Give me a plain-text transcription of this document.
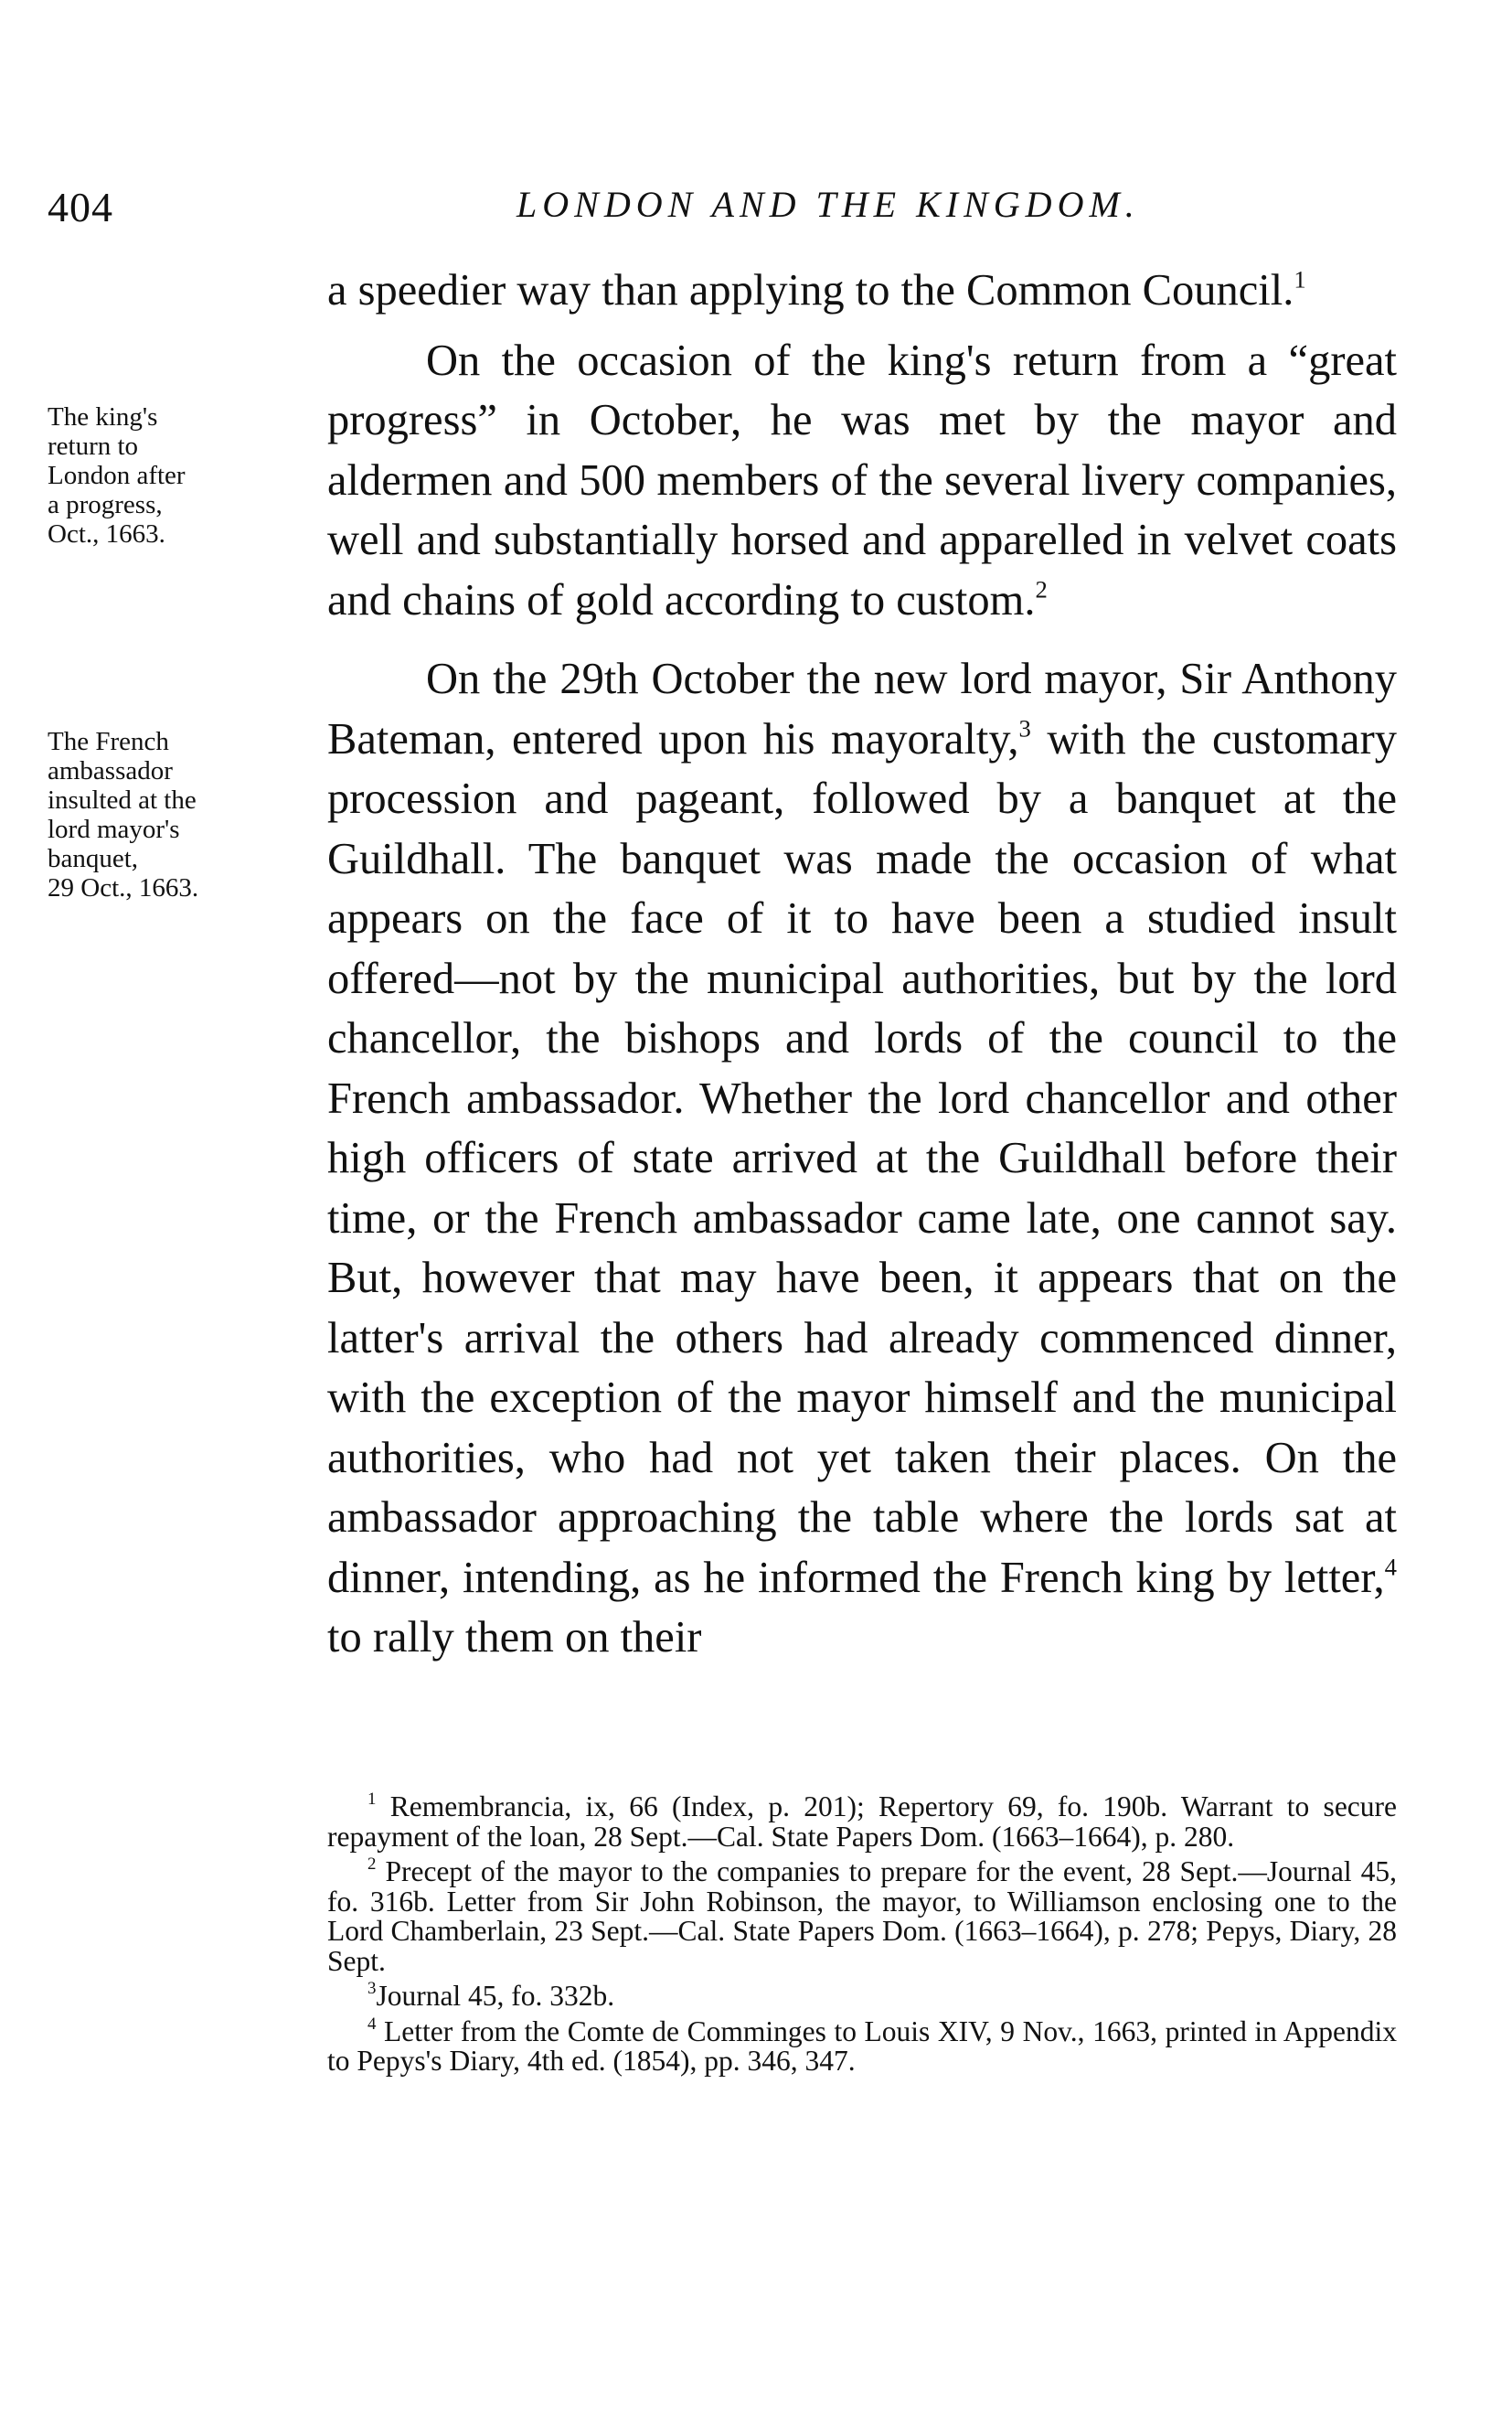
404	LONDON AND THE KINGDOM.
The king's
return to
London after
a progress,
Oct., 1663.
The French
ambassador
insulted at the
lord mayor's
banquet,
29 Oct., 1663.

a speedier way than applying to the Common Council.$^1$

On the occasion of the king's return from a “great progress” in October, he was met by the mayor and aldermen and 500 members of the several livery companies, well and substantially horsed and apparelled in velvet coats and chains of gold according to custom.$^2$

On the 29th October the new lord mayor, Sir Anthony Bateman, entered upon his mayoralty,$^3$ with the customary procession and pageant, followed by a banquet at the Guildhall. The banquet was made the occasion of what appears on the face of it to have been a studied insult offered—not by the municipal authorities, but by the lord chancellor, the bishops and lords of the council to the French ambassador. Whether the lord chancellor and other high officers of state arrived at the Guildhall before their time, or the French ambassador came late, one cannot say. But, however that may have been, it appears that on the latter's arrival the others had already commenced dinner, with the exception of the mayor himself and the municipal authorities, who had not yet taken their places. On the ambassador approaching the table where the lords sat at dinner, intending, as he informed the French king by letter,$^4$ to rally them on their

$^1$ Remembrancia, ix, 66 (Index, p. 201); Repertory 69, fo. 190b. Warrant to secure repayment of the loan, 28 Sept.—Cal. State Papers Dom. (1663–1664), p. 280.

$^2$ Precept of the mayor to the companies to prepare for the event, 28 Sept.—Journal 45, fo. 316b. Letter from Sir John Robinson, the mayor, to Williamson enclosing one to the Lord Chamberlain, 23 Sept.—Cal. State Papers Dom. (1663–1664), p. 278; Pepys, Diary, 28 Sept.

$^3$Journal 45, fo. 332b.

$^4$ Letter from the Comte de Comminges to Louis XIV, 9 Nov., 1663, printed in Appendix to Pepys's Diary, 4th ed. (1854), pp. 346, 347.
